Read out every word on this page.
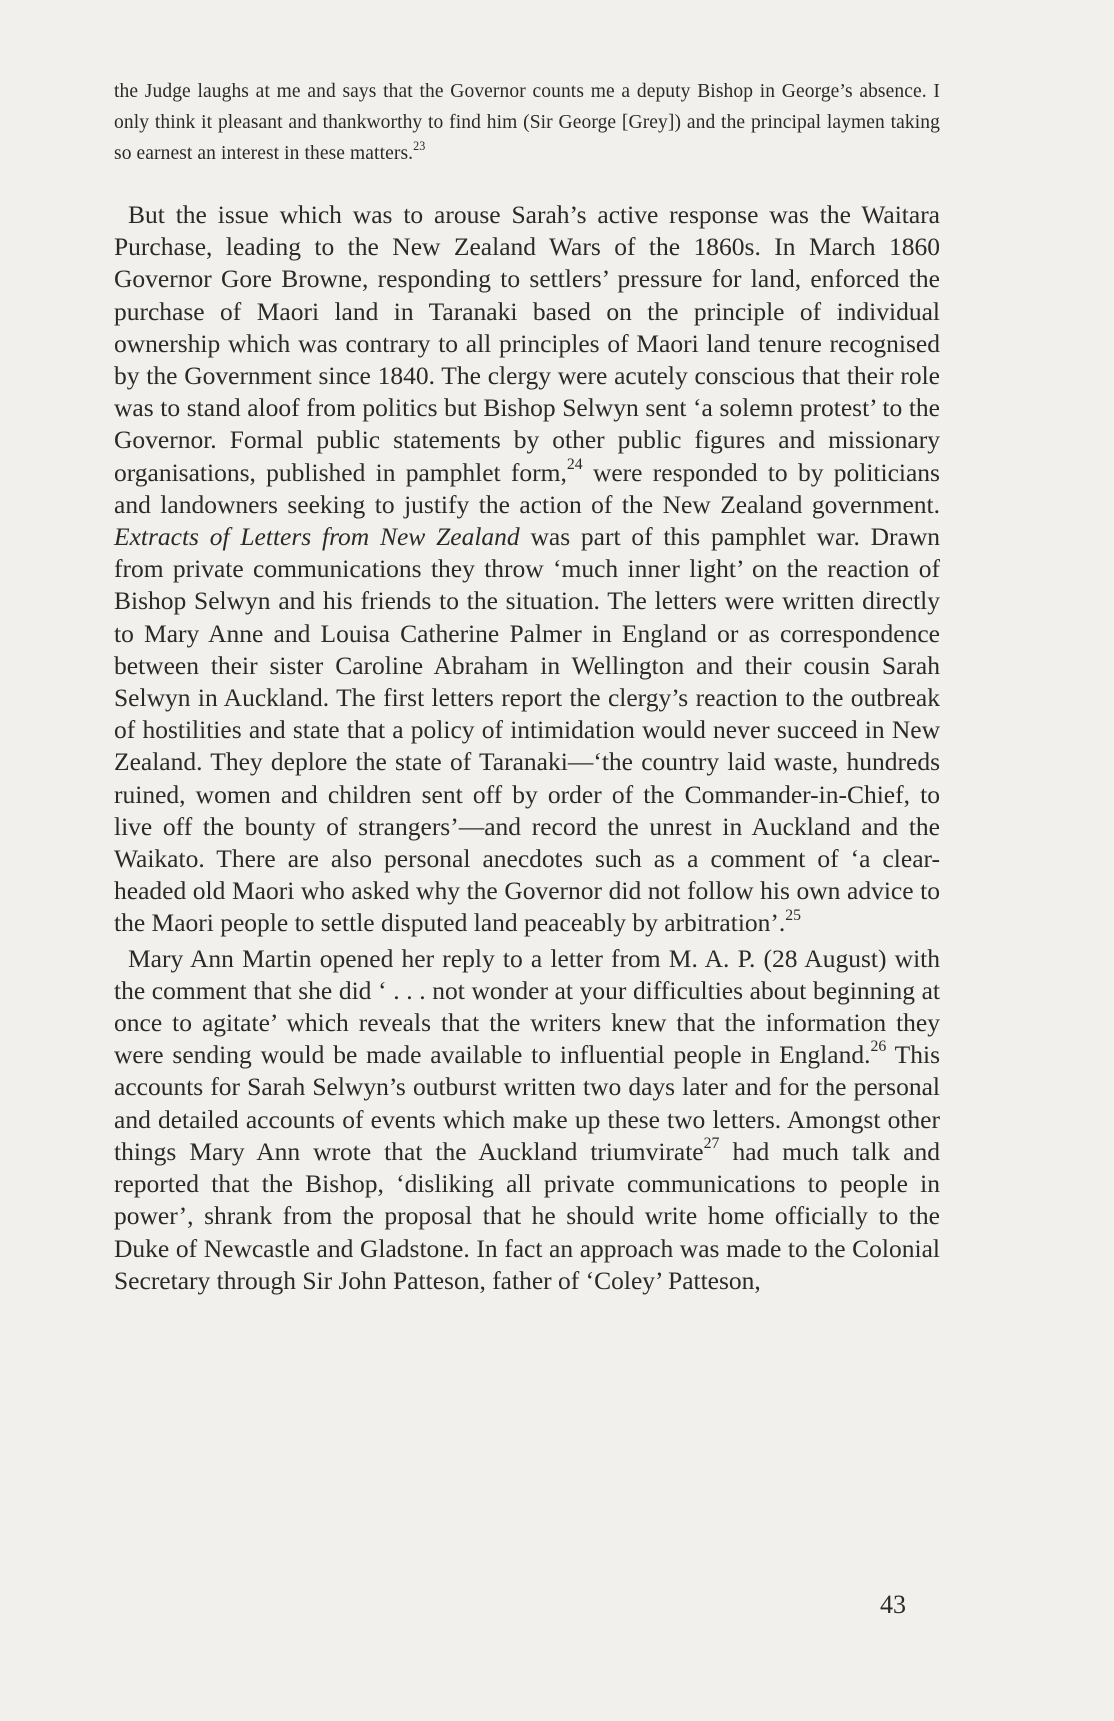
the Judge laughs at me and says that the Governor counts me a deputy Bishop in George’s absence. I only think it pleasant and thankworthy to find him (Sir George [Grey]) and the principal laymen taking so earnest an interest in these matters.$^{23}$

But the issue which was to arouse Sarah’s active response was the Waitara Purchase, leading to the New Zealand Wars of the 1860s. In March 1860 Governor Gore Browne, responding to settlers’ pressure for land, enforced the purchase of Maori land in Taranaki based on the principle of individual ownership which was contrary to all principles of Maori land tenure recognised by the Government since 1840. The clergy were acutely conscious that their role was to stand aloof from politics but Bishop Selwyn sent ‘a solemn protest’ to the Governor. Formal public statements by other public figures and missionary organisations, published in pamphlet form,$^{24}$ were responded to by politicians and landowners seeking to justify the action of the New Zealand government. Extracts of Letters from New Zealand was part of this pamphlet war. Drawn from private communications they throw ‘much inner light’ on the reaction of Bishop Selwyn and his friends to the situation. The letters were written directly to Mary Anne and Louisa Catherine Palmer in England or as correspondence between their sister Caroline Abraham in Wellington and their cousin Sarah Selwyn in Auckland. The first letters report the clergy’s reaction to the outbreak of hostilities and state that a policy of intimidation would never succeed in New Zealand. They deplore the state of Taranaki—‘the country laid waste, hundreds ruined, women and children sent off by order of the Commander-in-Chief, to live off the bounty of strangers’—and record the unrest in Auckland and the Waikato. There are also personal anecdotes such as a comment of ‘a clear-headed old Maori who asked why the Governor did not follow his own advice to the Maori people to settle disputed land peaceably by arbitration’.$^{25}$

Mary Ann Martin opened her reply to a letter from M. A. P. (28 August) with the comment that she did ‘ . . . not wonder at your difficulties about beginning at once to agitate’ which reveals that the writers knew that the information they were sending would be made available to influential people in England.$^{26}$ This accounts for Sarah Selwyn’s outburst written two days later and for the personal and detailed accounts of events which make up these two letters. Amongst other things Mary Ann wrote that the Auckland triumvirate$^{27}$ had much talk and reported that the Bishop, ‘disliking all private communications to people in power’, shrank from the proposal that he should write home officially to the Duke of Newcastle and Gladstone. In fact an approach was made to the Colonial Secretary through Sir John Patteson, father of ‘Coley’ Patteson,

43
